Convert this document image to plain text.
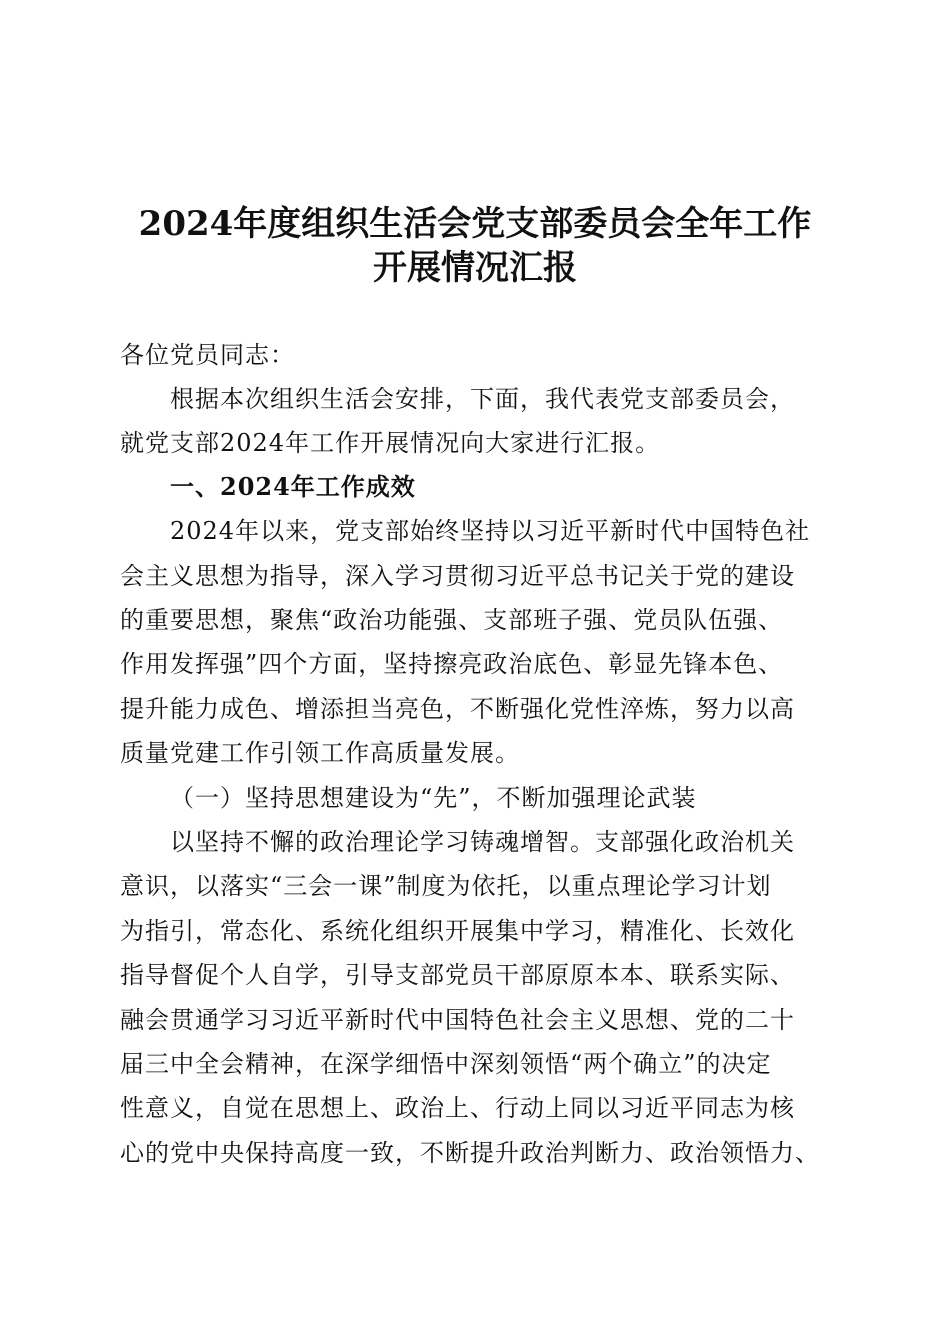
2024年度组织生活会党支部委员会全年工作
开展情况汇报
各位党员同志：
根据本次组织生活会安排，下面，我代表党支部委员会，
就党支部2024年工作开展情况向大家进行汇报。
一、2024年工作成效
2024年以来，党支部始终坚持以习近平新时代中国特色社
会主义思想为指导，深入学习贯彻习近平总书记关于党的建设
的重要思想，聚焦“政治功能强、支部班子强、党员队伍强、
作用发挥强”四个方面，坚持擦亮政治底色、彰显先锋本色、
提升能力成色、增添担当亮色，不断强化党性淬炼，努力以高
质量党建工作引领工作高质量发展。
（一）坚持思想建设为“先”，不断加强理论武装
以坚持不懈的政治理论学习铸魂增智。支部强化政治机关
意识，以落实“三会一课”制度为依托，以重点理论学习计划
为指引，常态化、系统化组织开展集中学习，精准化、长效化
指导督促个人自学，引导支部党员干部原原本本、联系实际、
融会贯通学习习近平新时代中国特色社会主义思想、党的二十
届三中全会精神，在深学细悟中深刻领悟“两个确立”的决定
性意义，自觉在思想上、政治上、行动上同以习近平同志为核
心的党中央保持高度一致，不断提升政治判断力、政治领悟力、
